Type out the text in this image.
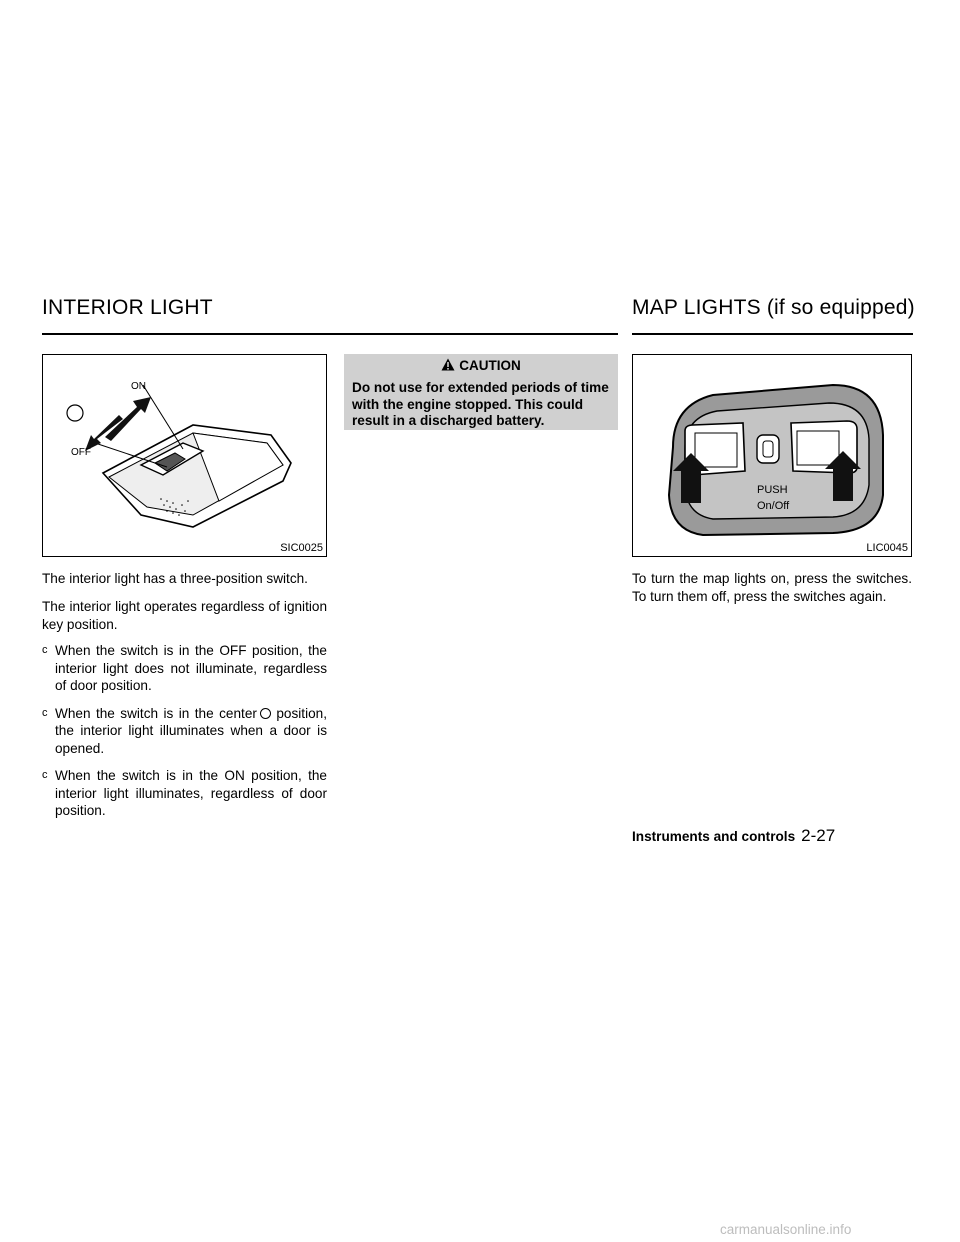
INTERIOR LIGHT	MAP LIGHTS (if so equipped)
ON
OFF
SIC0025
The interior light has a three-position switch.
The interior light operates regardless of ignition key position.
c When the switch is in the OFF position, the interior light does not illuminate, regardless of door position.
c When the switch is in the center position, the interior light illuminates when a door is opened.
c When the switch is in the ON position, the interior light illuminates, regardless of door position.
CAUTION
Do not use for extended periods of time with the engine stopped. This could result in a discharged battery.
PUSH
On/Off
LIC0045
To turn the map lights on, press the switches. To turn them off, press the switches again.
Instruments and controls 2-27
carmanualsonline.info
